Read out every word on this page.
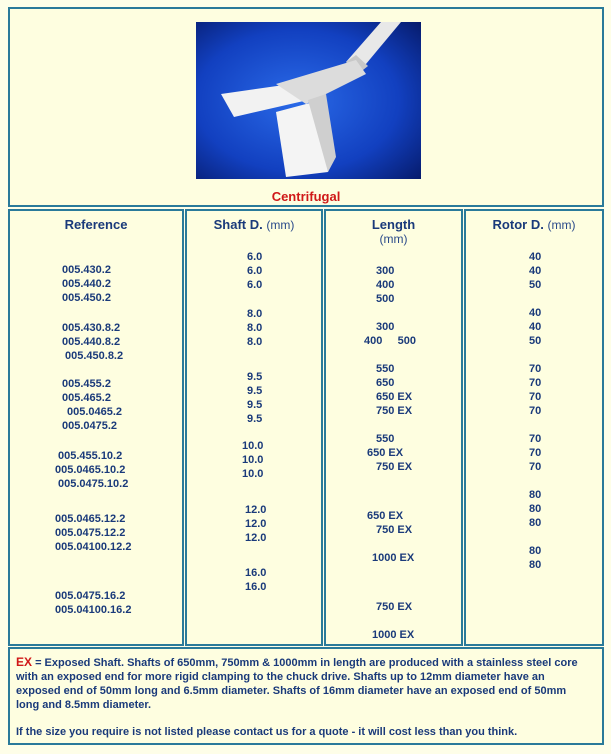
Centrifugal
Reference
005.430.2
005.440.2
005.450.2
005.430.8.2
005.440.8.2
005.450.8.2
005.455.2
005.465.2
005.0465.2
005.0475.2
005.455.10.2
005.0465.10.2
005.0475.10.2
005.0465.12.2
005.0475.12.2
005.04100.12.2
005.0475.16.2
005.04100.16.2
Shaft D. (mm)
6.0
6.0
6.0
8.0
8.0
8.0
9.5
9.5
9.5
9.5
10.0
10.0
10.0
12.0
12.0
12.0
16.0
16.0
Length
(mm)
300
400
500
300
400     500
550
650
650 EX
750 EX
550
650 EX
750 EX
650 EX
750 EX
1000 EX
750 EX
1000 EX
Rotor D. (mm)
40
40
50
40
40
50
70
70
70
70
70
70
70
80
80
80
80
80
EX = Exposed Shaft. Shafts of 650mm, 750mm & 1000mm in length are produced with a stainless steel core with an exposed end for more rigid clamping to the chuck drive. Shafts up to 12mm diameter have an exposed end of 50mm long and 6.5mm diameter. Shafts of 16mm diameter have an exposed end of 50mm long and 8.5mm diameter.
If the size you require is not listed please contact us for a quote - it will cost less than you think.
